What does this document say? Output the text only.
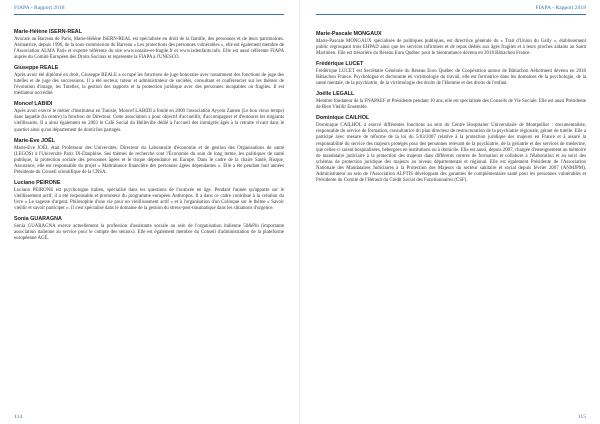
FIAPA - Rapport 2018
Marie-Hélène ISERN-REAL

Avocate au Barreau de Paris, Marie-Hélène ISERN-REAL est spécialisée en droit de la famille, des personnes et de leurs patrimoines. Animatrice, depuis 1996, de la sous-commission du Barreau « Les protections des personnes vulnérables », elle est également membre de l'Association ALMA Paris et experte référente du site www.notaire-et-fragile.fr et www.isdenfants.info. Elle est aussi référente FIAPA auprès du Comité Européen des Droits Sociaux et représente la FIAPA à l'UNESCO.

Giuseppe REALE

Après avoir été diplômé en droit, Giuseppe REALE a occupé les fonctions de juge honoraire avec notamment des fonctions de juge des tutelles et de juge des successions. Il a été secteur, tuteur et administrateur de sociétés, consultant et conférencier sur les thèmes de l'évolution d'image, les Tutelles, la gestion des rapports et la protection juridique avec des personnes incapables ou fragiles. Il est médiateur accrédité.

Moncef LABIDI

Après avoir exercé le métier d'instituteur en Tunisie, Moncef LABIDI a fondé en 2000 l'association Ayyem Zamen (Le bon vieux temps) dans laquelle (la centre) la fonction de Directeur. Cette association a pour objectif d'accueillir, d'accompagner et d'entourer les migrants vieillissants. Il a ainsi également en 2003 le Café Social du Belleville dédié à l'accueil des immigrés âgés à la retraite vivant dans le quartier ainsi qu'au département de domiciles partagés.

Marie-Eve JOËL

Marie-Eve JOËL était Professeur des Universités, Directeur du Laboratoire d'économie et de gestion des Organisations de santé (LEGOS) à l'Université Paris IX-Dauphine. Ses thèmes de recherche sont l'Économie du soin de long terme, les politiques de santé publique, la protection sociale des personnes âgées et le risque dépendance en Europe. Dans le cadre de la chaire Santé, Risque, Assurance, elle est responsable du projet « Maltraitance financière des personnes âgées dépendantes ». Elle a été pendant huit années Présidente du Conseil scientifique de la CNSA.

Luciano PEIRONE

Luciano PEIRONE est psychologue italien, spécialisé dans les questions de l'avancée en âge. Pendant l'année qu'apporte sur le vieillissement actif, il a été responsable et promoteur du programme européen Anthropos. Il a dans ce cadre contribué à la création du livre « Le sagesse d'argent. Philosophie d'une vie pour un vieillissement actif » et à l'organisation d'un Colloque sur le thème « Savoir vieillir et savoir participer ». Il s'est spécialisé dans le domaine de la gestion du stress-post-traumatique dans les situations d'urgence.

Sonia GUARAGNA

Sonia GUARAGNA exerce actuellement la profession d'assistante sociale au sein de l'organisation italienne 50&Più (importante association italienne au service pour le compte des seniors). Elle est également membre du Conseil d'administration de la plateforme européenne AGE.

114
FIAPA - Rapport 2018
Marie-Pascale MONGAUX

Marie-Pascale MONGAUX spécialisée de politiques publiques, est directrice générale du « Trait d'Union du Gally », établissement public regroupant trois EHPAD ainsi que les services infirmiers et de repas dédiés aux âgés fragiles et à leurs proches aidants au Saint Martinien. Elle est trésorière du Réseau Euro Québec pour le bientraitance devenu en 2018 Bâtiachon France.

Frédérique LUCET

Frédérique LUCET est Secrétaire Générale du Réseau Euro Québec de Coopération autour de Bâtiachon Aéhorment devenu en 2018 Bâtiachon France. Psychologue et doctorante en victimologie du travail, elle est formatrice dans les domaines de la psychologie, de la santé mentale, de la psychiatrie, de la victimologie des droits de l'Homme et des droits de l'enfant.

Joëlle LEGALL

Membre fondateur de la FNAPAEF et Présidente pendant 10 ans, elle est spécialisée des Conseils de Vie Sociale. Elle est aussi Présidente de Bien Vieillir Ensemble.

Dominique CAILHOL

Dominique CAILHOL a exercé différentes fonctions au sein du Centre Hospitalier Universitaire de Montpellier : documentaliste, responsable du service de formation, consultatrice du plan directeur de restructuration de la psychiatrie régionale, gérant de tutelle. Elle a participé avec mesure de réforme de la loi du 5/03/2007 relative à la protection juridique des majeurs en France et à assuré la responsabilité du service des majeurs protégés pour des personnes relevant de la psychiatrie, de la gériatrie et des services de médecine, que celles-ci soient hospitalisées, hébergées en institutions ou à domicile. Elle est aussi, depuis 2007, chargée d'enseignement au mémoire de mandataire judiciaire à la protection des majeurs dans différents centres de formation et collabore à l'élaboration et au suivi des schémas de protection juridique des majeurs au niveau départemental et régional. Elle est également Présidente de l'Association Nationale des Mandataires Judiciaires à la Protection des Majeurs du secteur sanitaire et social depuis février 2007 (ANMJPM), Administrateur au sein de l'Association ALPTIS développant des garanties de complémentaire santé pour les personnes vulnérables et Présidente du Comité de l'Hérault du Crédit Social des Fonctionnaires (CSF).

115
